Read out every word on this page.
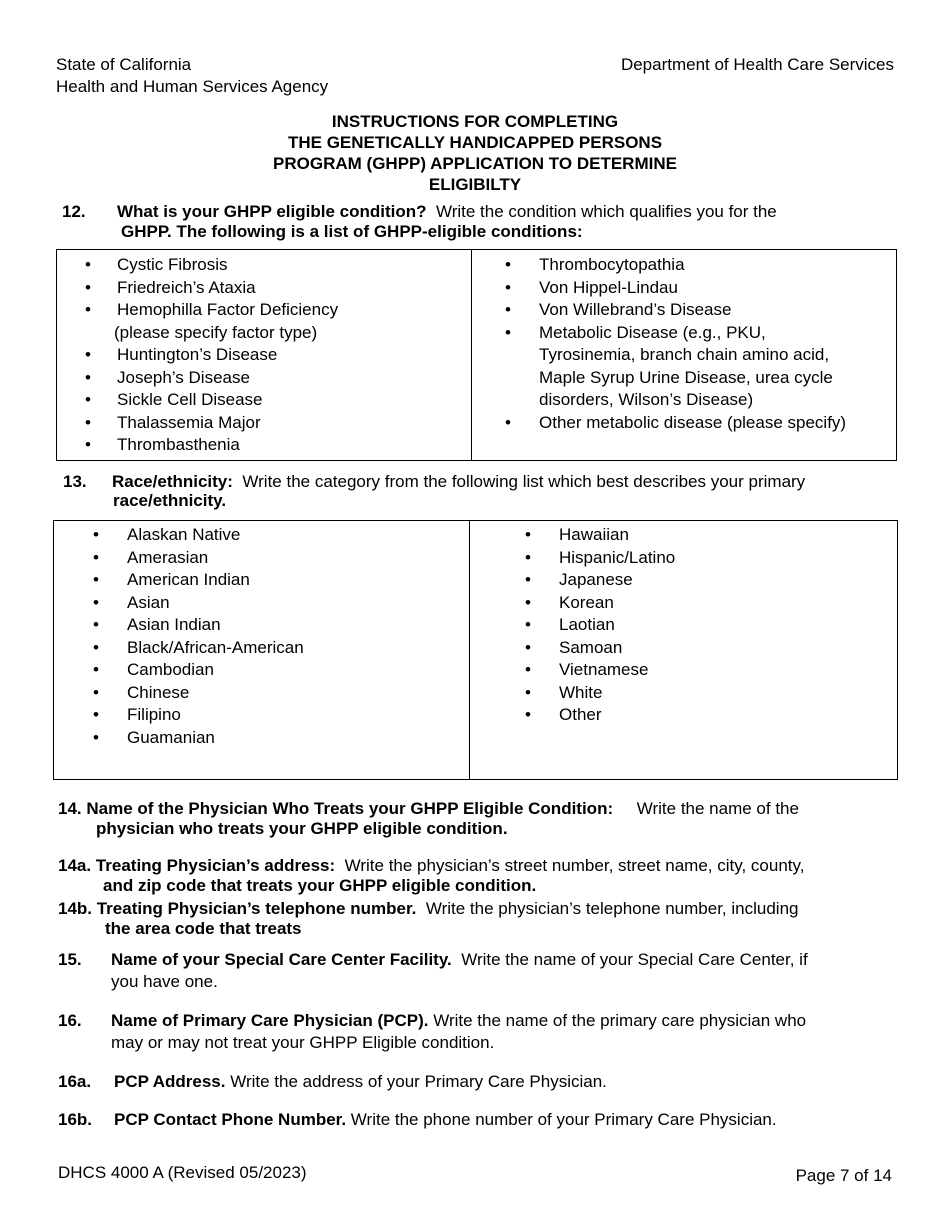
State of California
Health and Human Services Agency
Department of Health Care Services
INSTRUCTIONS FOR COMPLETING
THE GENETICALLY HANDICAPPED PERSONS
PROGRAM (GHPP) APPLICATION TO DETERMINE
ELIGIBILTY
12. What is your GHPP eligible condition? Write the condition which qualifies you for the
GHPP. The following is a list of GHPP-eligible conditions:
• Cystic Fibrosis
• Friedreich’s Ataxia
• Hemophilla Factor Deficiency
(please specify factor type)
• Huntington’s Disease
• Joseph’s Disease
• Sickle Cell Disease
• Thalassemia Major
• Thrombasthenia
• Thrombocytopathia
• Von Hippel-Lindau
• Von Willebrand’s Disease
• Metabolic Disease (e.g., PKU,
Tyrosinemia, branch chain amino acid,
Maple Syrup Urine Disease, urea cycle
disorders, Wilson’s Disease)
• Other metabolic disease (please specify)
13. Race/ethnicity: Write the category from the following list which best describes your primary
race/ethnicity.
• Alaskan Native
• Amerasian
• American Indian
• Asian
• Asian Indian
• Black/African-American
• Cambodian
• Chinese
• Filipino
• Guamanian
• Hawaiian
• Hispanic/Latino
• Japanese
• Korean
• Laotian
• Samoan
• Vietnamese
• White
• Other
14. Name of the Physician Who Treats your GHPP Eligible Condition: Write the name of the
physician who treats your GHPP eligible condition.
14a. Treating Physician’s address: Write the physician’s street number, street name, city, county,
and zip code that treats your GHPP eligible condition.
14b. Treating Physician’s telephone number. Write the physician’s telephone number, including
the area code that treats
15. Name of your Special Care Center Facility. Write the name of your Special Care Center, if
you have one.
16. Name of Primary Care Physician (PCP). Write the name of the primary care physician who
may or may not treat your GHPP Eligible condition.
16a. PCP Address. Write the address of your Primary Care Physician.
16b. PCP Contact Phone Number. Write the phone number of your Primary Care Physician.
DHCS 4000 A (Revised 05/2023)	Page 7 of 14
